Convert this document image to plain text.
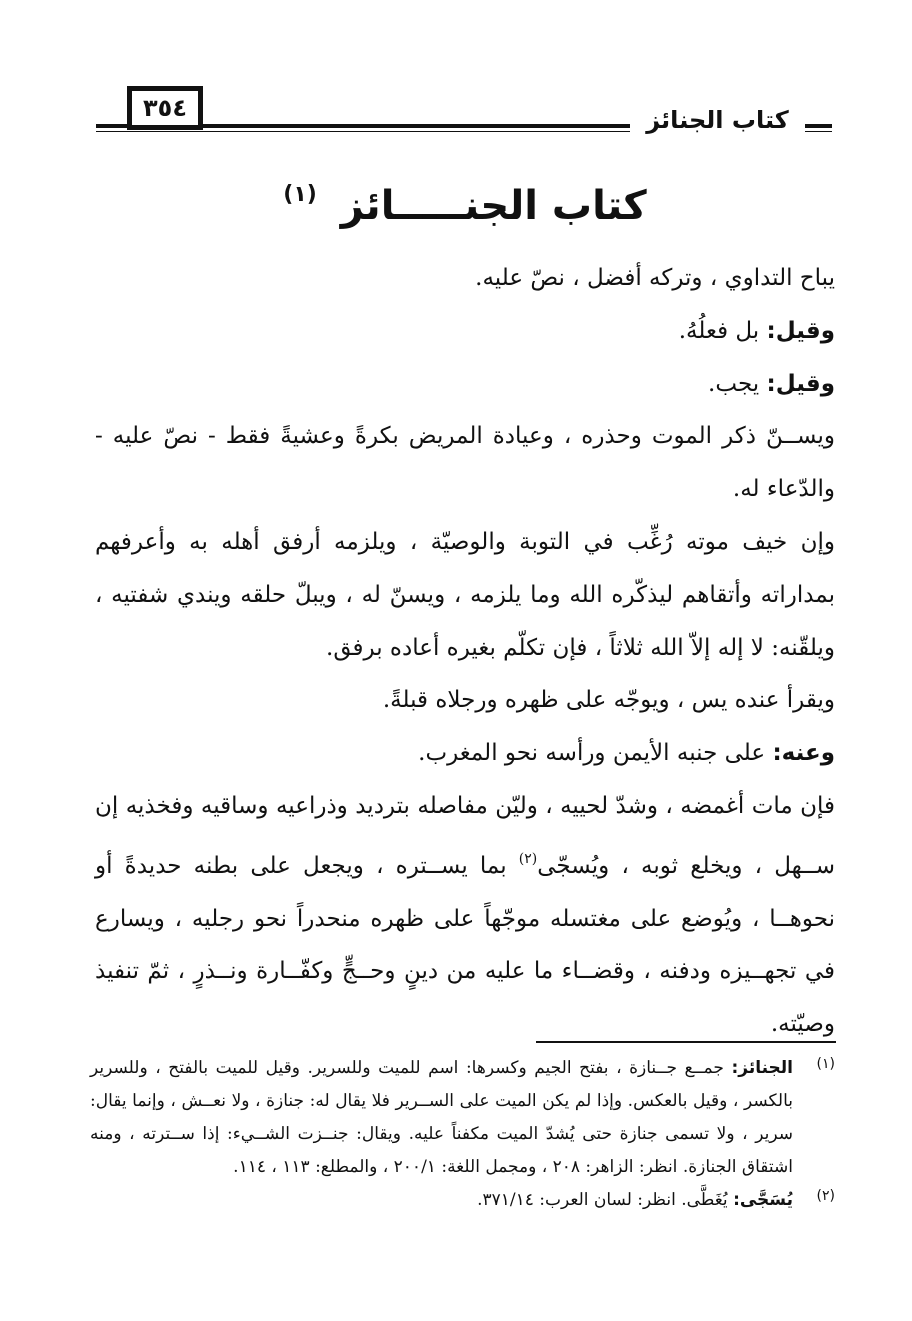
٣٥٤	كتاب الجنائز
كتاب الجنـــــائز $^{(١)}$

يباح التداوي ، وتركه أفضل ، نصّ عليه.

وقيل: بل فعلُهُ.

وقيل: يجب.

ويســنّ ذكر الموت وحذره ، وعيادة المريض بكرةً وعشيةً فقط - نصّ عليه - والدّعاء له.

وإن خيف موته رُغِّب في التوبة والوصيّة ، ويلزمه أرفق أهله به وأعرفهم بمداراته وأتقاهم ليذكّره الله وما يلزمه ، ويسنّ له ، ويبلّ حلقه ويندي شفتيه ، ويلقّنه: لا إله إلاّ الله ثلاثاً ، فإن تكلّم بغيره أعاده برفق.

ويقرأ عنده يس ، ويوجّه على ظهره ورجلاه قبلةً.

وعنه: على جنبه الأيمن ورأسه نحو المغرب.

فإن مات أغمضه ، وشدّ لحييه ، وليّن مفاصله بترديد وذراعيه وساقيه وفخذيه إن ســهل ، ويخلع ثوبه ، ويُسجّى$^{(٢)}$ بما يســتره ، ويجعل على بطنه حديدةً أو نحوهــا ، ويُوضع على مغتسله موجّهاً على ظهره منحدراً نحو رجليه ، ويسارع في تجهــيزه ودفنه ، وقضــاء ما عليه من دينٍ وحــجٍّ وكفّــارة ونــذرٍ ، ثمّ تنفيذ وصيّته.

(١)
الجنائز: جمــع جــنازة ، بفتح الجيم وكسرها: اسم للميت وللسرير. وقيل للميت بالفتح ، وللسرير بالكسر ، وقيل بالعكس. وإذا لم يكن الميت على الســرير فلا يقال له: جنازة ، ولا نعــش ، وإنما يقال: سرير ، ولا تسمى جنازة حتى يُشدّ الميت مكفناً عليه. ويقال: جنــزت الشــيء: إذا ســترته ، ومنه اشتقاق الجنازة. انظر: الزاهر: ٢٠٨ ، ومجمل اللغة: ٢٠٠/١ ، والمطلع: ١١٣ ، ١١٤.

(٢)
يُسَجَّى: يُغَطَّى. انظر: لسان العرب: ٣٧١/١٤.
